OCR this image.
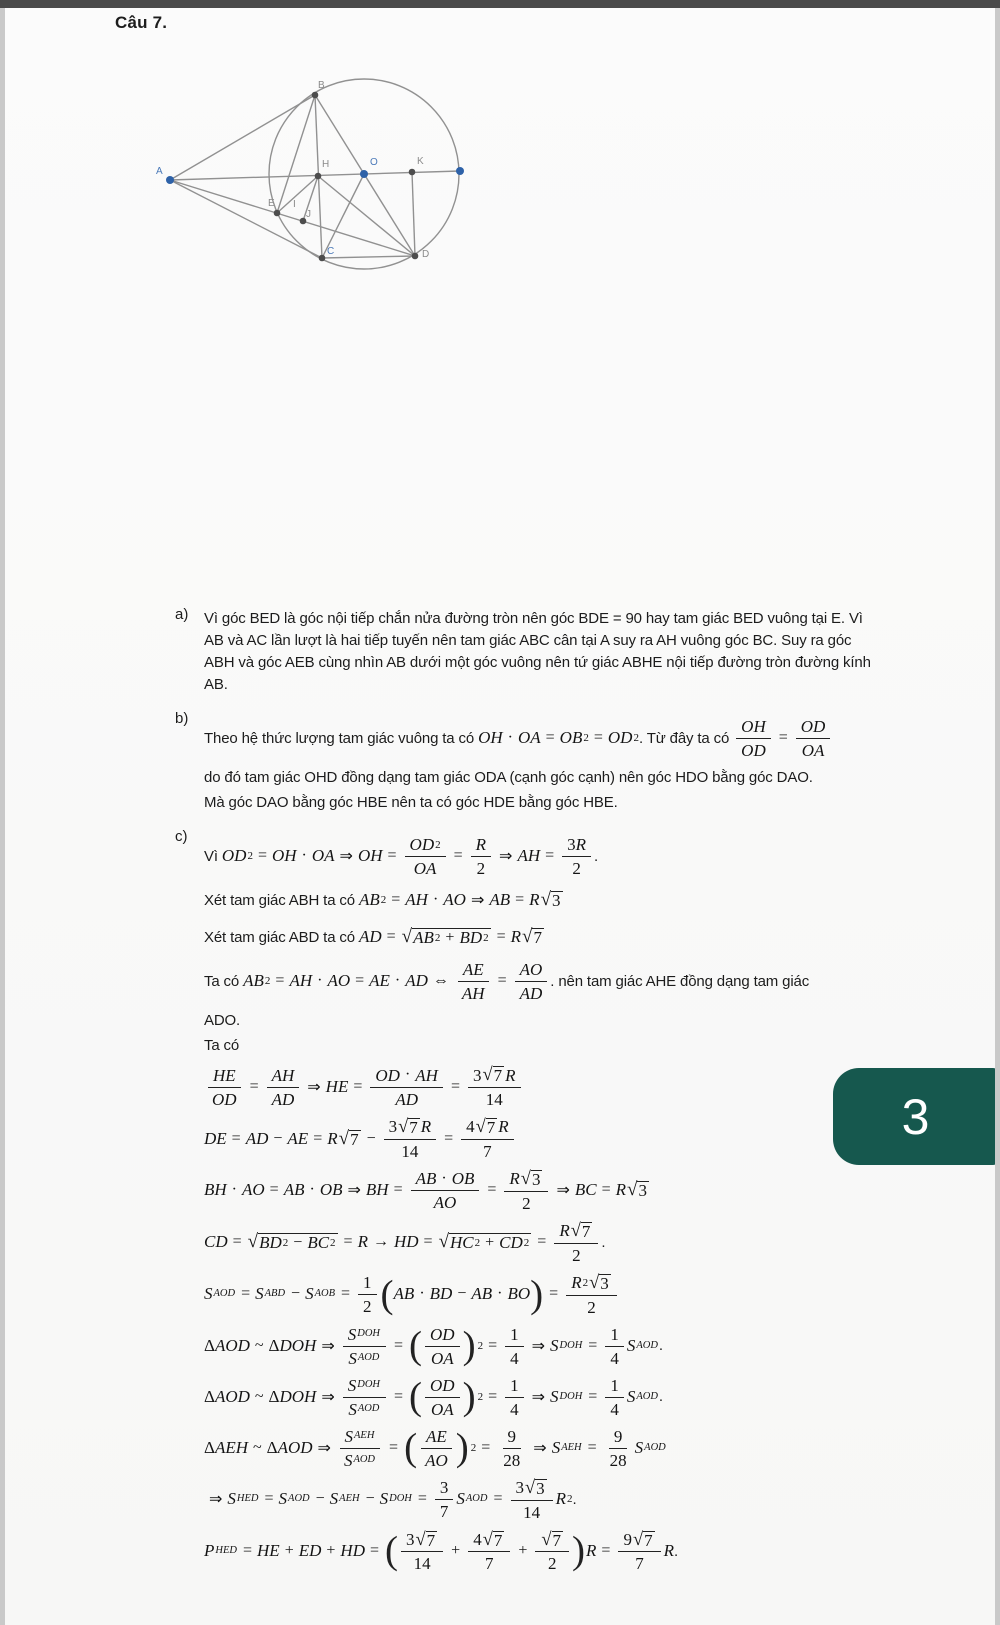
Câu 7.
A
B
H	O	K
E I
J
C	D
a)	Vì góc BED là góc nội tiếp chắn nửa đường tròn nên góc BDE = 90 hay tam giác BED vuông tại E. Vì AB và AC lần lượt là hai tiếp tuyến nên tam giác ABC cân tại A suy ra AH vuông góc BC. Suy ra góc ABH và góc AEB cùng nhìn AB dưới một góc vuông nên tứ giác ABHE nội tiếp đường tròn đường kính AB.
b)
Theo hệ thức lượng tam giác vuông ta có OH · OA = OB 2 = OD 2 . Từ đây ta có $\frac{OH}{OD} = \frac{OD}{OA}$
do đó tam giác OHD đồng dạng tam giác ODA (cạnh góc cạnh) nên góc HDO bằng góc DAO.
Mà góc DAO bằng góc HBE nên ta có góc HDE bằng góc HBE.
c)
Vì OD 2 = OH · OA ⇒ OH = $\frac{OD 2}{OA} = \frac{R}{2}$ ⇒ AH = $\frac{3 R}{2}$ .
Xét tam giác ABH ta có AB 2 = AH · AO ⇒ AB = R √ 3
Xét tam giác ABD ta có AD = √ AB 2 + BD 2 = R √ 7
Ta có AB 2 = AH · AO = AE · AD ⇔ $\frac{AE}{AH} = \frac{AO}{AD}$ . nên tam giác AHE đồng dạng tam giác
ADO.
Ta có
$\frac{HE}{OD} = \frac{AH}{AD}$ ⇒ HE = $\frac{OD \cdot AH}{AD} = \frac{3 √ 7 R}{14}$
DE = AD − AE = R √ $7 - \frac{3 √ 7 R}{14} = \frac{4 √ 7 R}{7}$
BH · AO = AB · OB ⇒ BH = $\frac{AB \cdot OB}{AO} = \frac{R √ 3}{2}$ ⇒ BC = R √ 3
CD = √ BD 2 − BC 2 = R → HD = √ HC 2 + CD $2 = \frac{R √ 7}{2}$ .
S AOD = S ABD − S AOB = $\frac{1}{2}$ ( AB · BD − AB · BO ) = $\frac{R 2 √ 3}{2}$
Δ AOD ~ Δ DOH ⇒ $\frac{\text{S DOH}}{\text{S AOD}}$ = ( $\frac{OD}{OA}$ ) $2 = \frac{1}{4}$ ⇒ S DOH = $\frac{1}{4}$ S AOD .
Δ AOD ~ Δ DOH ⇒ $\frac{\text{S DOH}}{\text{S AOD}}$ = ( $\frac{OD}{OA}$ ) $2 = \frac{1}{4}$ ⇒ S DOH = $\frac{1}{4}$ S AOD .
Δ AEH ~ Δ AOD ⇒ $\frac{\text{S AEH}}{\text{S AOD}}$ = ( $\frac{AE}{AO}$ ) $2 = \frac{9}{28}$ ⇒ S AEH = $\frac{9}{28}$ S AOD
⇒ S HED = S AOD − S AEH − S DOH = $\frac{3}{7}$ S AOD = $\frac{3 √ 3}{14}$ R 2 .
P HED = HE + ED + HD = ( $\frac{3 √ 7}{14} + \frac{4 √ 7}{7} + \frac{√ 7}{2}$ ) $R = \frac{9 √ 7}{7}$ R .
3
